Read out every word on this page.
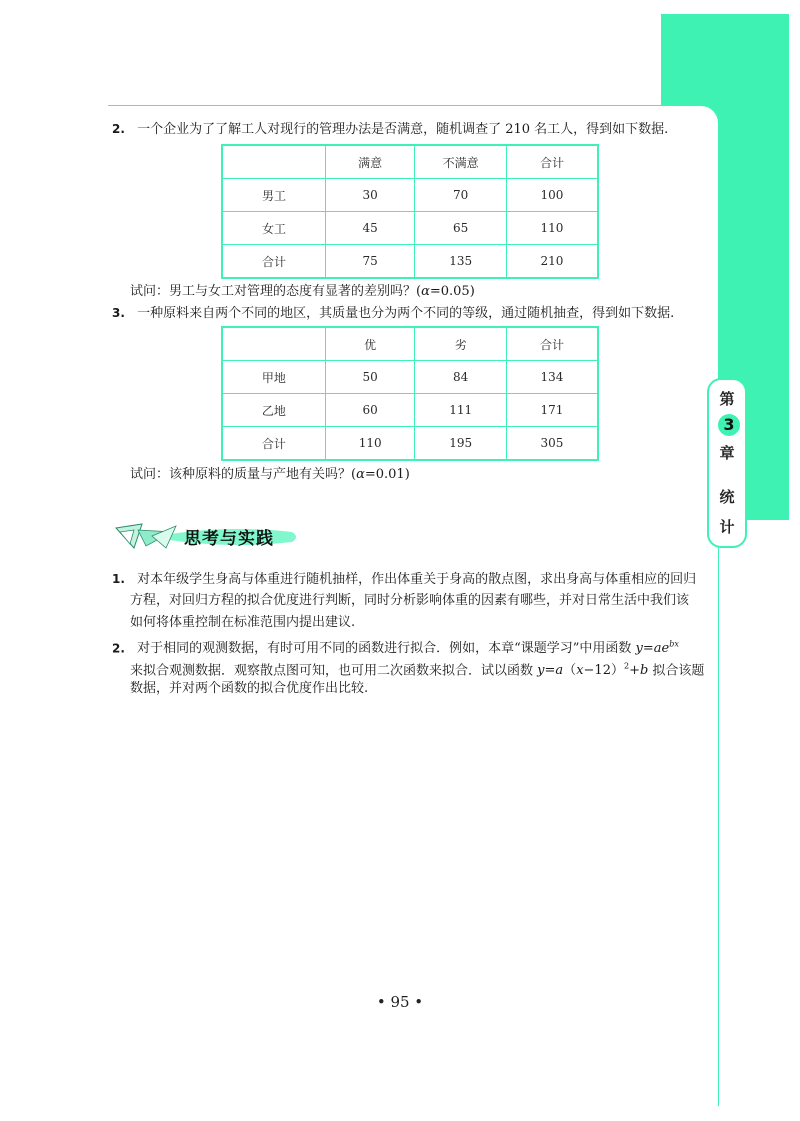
第
3
章
统
计
2. 一个企业为了了解工人对现行的管理办法是否满意，随机调查了 210 名工人，得到如下数据.
	满意	不满意	合计
男工	30	70	100
女工	45	65	110
合计	75	135	210
试问：男工与女工对管理的态度有显著的差别吗？(α=0.05)
3. 一种原料来自两个不同的地区，其质量也分为两个不同的等级，通过随机抽查，得到如下数据.
	优	劣	合计
甲地	50	84	134
乙地	60	111	171
合计	110	195	305
试问：该种原料的质量与产地有关吗？(α=0.01)
思考与实践
1. 对本年级学生身高与体重进行随机抽样，作出体重关于身高的散点图，求出身高与体重相应的回归
方程，对回归方程的拟合优度进行判断，同时分析影响体重的因素有哪些，并对日常生活中我们该
如何将体重控制在标准范围内提出建议.
2. 对于相同的观测数据，有时可用不同的函数进行拟合．例如，本章“课题学习”中用函数 $y=ae^{bx}$
来拟合观测数据．观察散点图可知，也可用二次函数来拟合．试以函数 $y=a(x-12)^2+b$ 拟合该题
数据，并对两个函数的拟合优度作出比较.
• 95 •
